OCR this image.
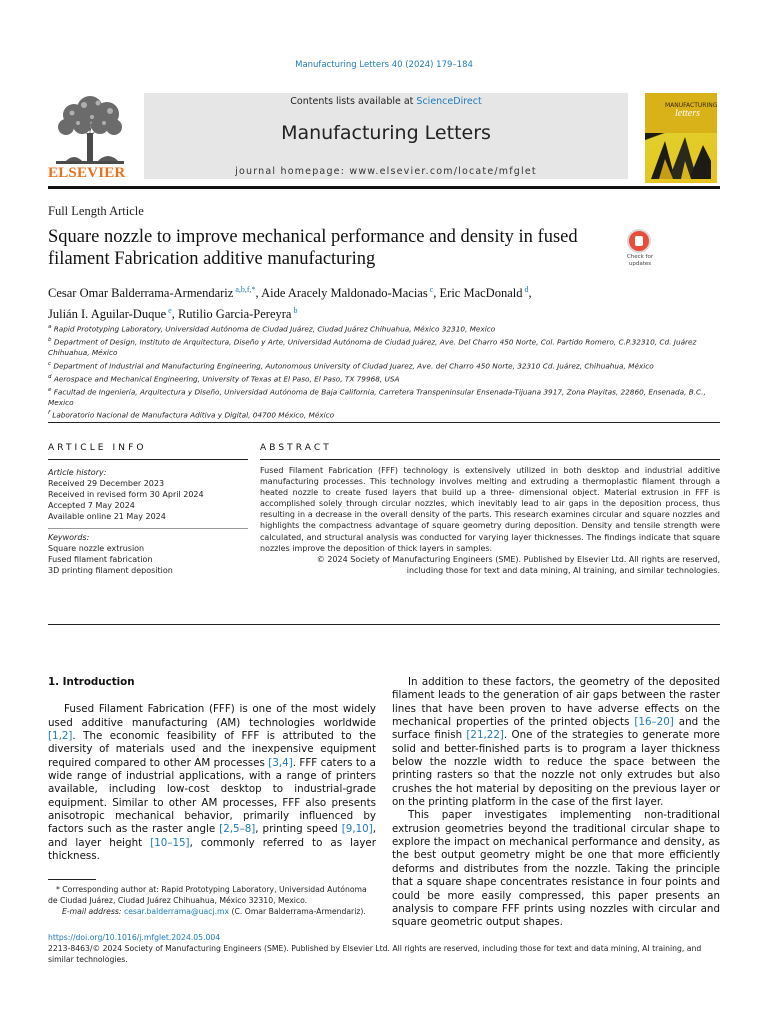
Manufacturing Letters 40 (2024) 179–184
ELSEVIER
Contents lists available at ScienceDirect
Manufacturing Letters
journal homepage: www.elsevier.com/locate/mfglet
MANUFACTURING
letters
Full Length Article
Square nozzle to improve mechanical performance and density in fused filament Fabrication additive manufacturing	Check for updates
Cesar Omar Balderrama-Armendariz $^{a,b,f,*}$, Aide Aracely Maldonado-Macias $^c$, Eric MacDonald $^d$,
Julián I. Aguilar-Duque $^e$, Rutilio Garcia-Pereyra $^b$
$^a$ Rapid Prototyping Laboratory, Universidad Autónoma de Ciudad Juárez, Ciudad Juárez Chihuahua, México 32310, Mexico
$^b$ Department of Design, Instituto de Arquitectura, Diseño y Arte, Universidad Autónoma de Ciudad Juárez, Ave. Del Charro 450 Norte, Col. Partido Romero, C.P.32310, Cd. Juárez Chihuahua, México
$^c$ Department of Industrial and Manufacturing Engineering, Autonomous University of Ciudad Juarez, Ave. del Charro 450 Norte, 32310 Cd. Juárez, Chihuahua, México
$^d$ Aerospace and Mechanical Engineering, University of Texas at El Paso, El Paso, TX 79968, USA
$^e$ Facultad de Ingeniería, Arquitectura y Diseño, Universidad Autónoma de Baja California, Carretera Transpeninsular Ensenada-Tijuana 3917, Zona Playitas, 22860, Ensenada, B.C., Mexico
$^f$ Laboratorio Nacional de Manufactura Aditiva y Digital, 04700 México, México
ARTICLE INFO	ABSTRACT
Article history:
Received 29 December 2023
Received in revised form 30 April 2024
Accepted 7 May 2024
Available online 21 May 2024
Keywords:
Square nozzle extrusion
Fused filament fabrication
3D printing filament deposition
Fused Filament Fabrication (FFF) technology is extensively utilized in both desktop and industrial additive manufacturing processes. This technology involves melting and extruding a thermoplastic filament through a heated nozzle to create fused layers that build up a three- dimensional object. Material extrusion in FFF is accomplished solely through circular nozzles, which inevitably lead to air gaps in the deposition process, thus resulting in a decrease in the overall density of the parts. This research examines circular and square nozzles and highlights the compactness advantage of square geometry during deposition. Density and tensile strength were calculated, and structural analysis was conducted for varying layer thicknesses. The findings indicate that square nozzles improve the deposition of thick layers in samples.
© 2024 Society of Manufacturing Engineers (SME). Published by Elsevier Ltd. All rights are reserved,
including those for text and data mining, AI training, and similar technologies.
1. Introduction

Fused Filament Fabrication (FFF) is one of the most widely used additive manufacturing (AM) technologies worldwide [1,2]. The economic feasibility of FFF is attributed to the diversity of materials used and the inexpensive equipment required compared to other AM processes [3,4]. FFF caters to a wide range of industrial applications, with a range of printers available, including low-cost desktop to industrial-grade equipment. Similar to other AM processes, FFF also presents anisotropic mechanical behavior, primarily influenced by factors such as the raster angle [2,5–8], printing speed [9,10], and layer height [10–15], commonly referred to as layer thickness.

In addition to these factors, the geometry of the deposited filament leads to the generation of air gaps between the raster lines that have been proven to have adverse effects on the mechanical properties of the printed objects [16–20] and the surface finish [21,22]. One of the strategies to generate more solid and better-finished parts is to program a layer thickness below the nozzle width to reduce the space between the printing rasters so that the nozzle not only extrudes but also crushes the hot material by depositing on the previous layer or on the printing platform in the case of the first layer.

This paper investigates implementing non-traditional extrusion geometries beyond the traditional circular shape to explore the impact on mechanical performance and density, as the best output geometry might be one that more efficiently deforms and distributes from the nozzle. Taking the principle that a square shape concentrates resistance in four points and could be more easily compressed, this paper presents an analysis to compare FFF prints using nozzles with circular and square geometric output shapes.

* Corresponding author at: Rapid Prototyping Laboratory, Universidad Autónoma de Ciudad Juárez, Ciudad Juárez Chihuahua, México 32310, Mexico.
E-mail address: cesar.balderrama@uacj.mx (C. Omar Balderrama-Armendariz).
https://doi.org/10.1016/j.mfglet.2024.05.004
2213-8463/© 2024 Society of Manufacturing Engineers (SME). Published by Elsevier Ltd. All rights are reserved, including those for text and data mining, AI training, and similar technologies.
